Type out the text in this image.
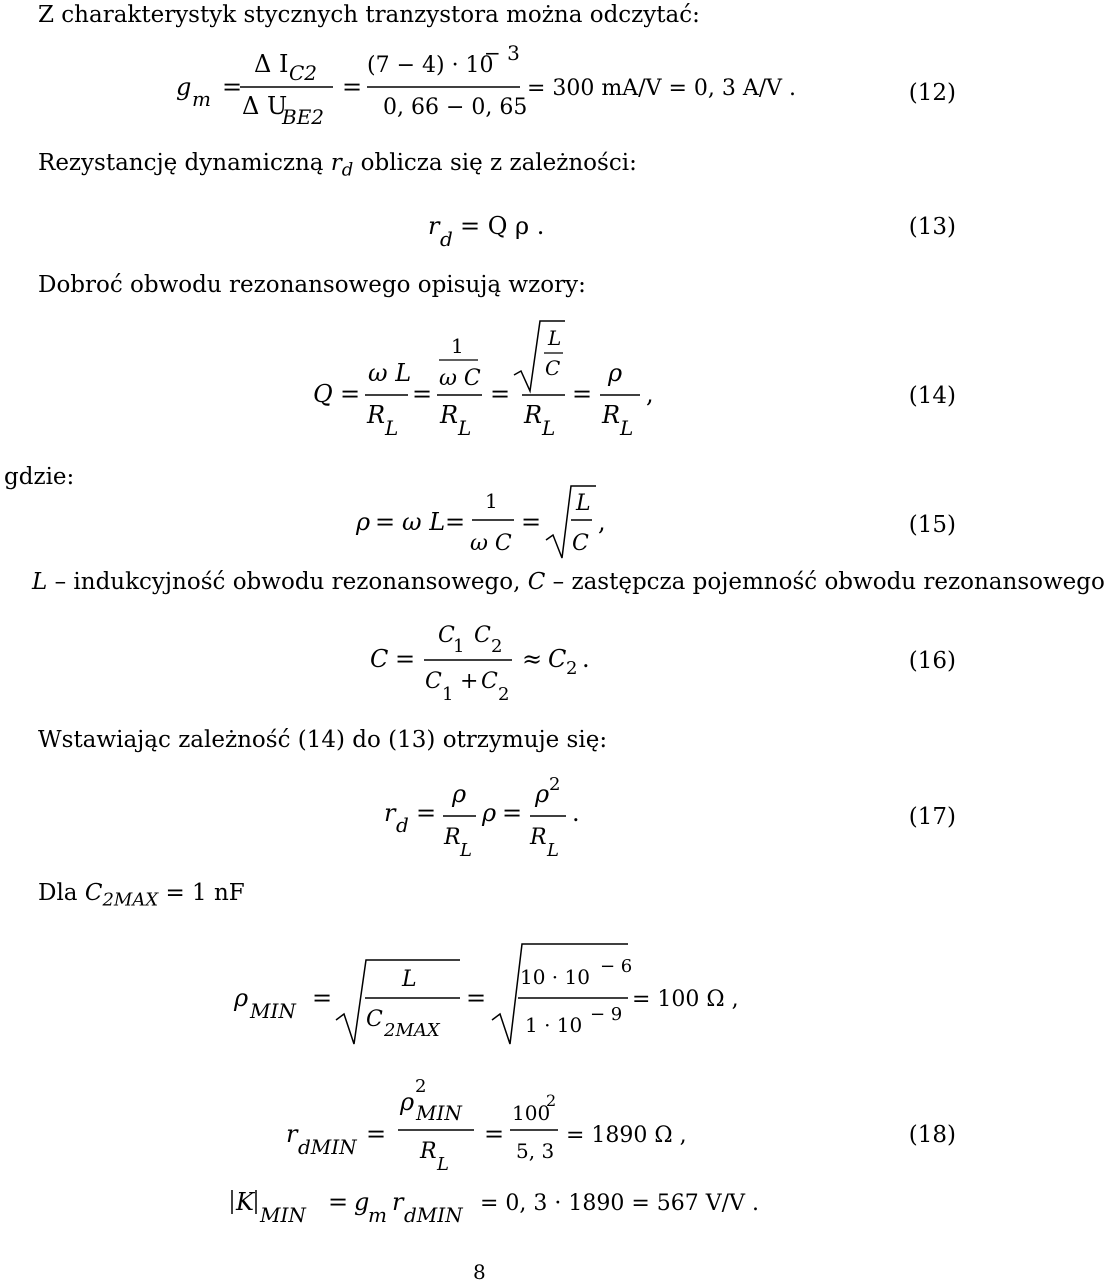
Z charakterystyk stycznych tranzystora można odczytać:
g m =
Δ I C2
Δ U
BE2
=
(7 − 4) · 10
− 3
0, 66 − 0, 65
= 300 mA/V = 0, 3 A/V .	(12)
Rezystancję dynamiczną $r_d$ oblicza się z zależności:
r d = Q ρ .	(13)
Dobroć obwodu rezonansowego opisują wzory:
Q =
ω L
R L
=
1
ω C
R L
=
L
C
R L
=
ρ
R L
,	(14)
gdzie:
ρ = ω L =
1
ω C
=
L
C
,	(15)
L – indukcyjność obwodu rezonansowego, C – zastępcza pojemność obwodu rezonansowego
C =
C
1 C 2
C
1
+ C
2
≈ C 2 .	(16)
Wstawiając zależność (14) do (13) otrzymuje się:
r d =
ρ
R
L
ρ =
ρ 2
R
L
.	(17)
Dla $C_{2MAX} = 1$ nF
ρ MIN =
L
C 2MAX
=
10 · 10 − 6
1 · 10 − 9
= 100 Ω ,
r dMIN =
2
ρ MIN
R
L
=
100
2
5, 3
= 1890 Ω ,	(18)
K MIN = g
m r dMIN = 0, 3 · 1890 = 567 V/V .
8
